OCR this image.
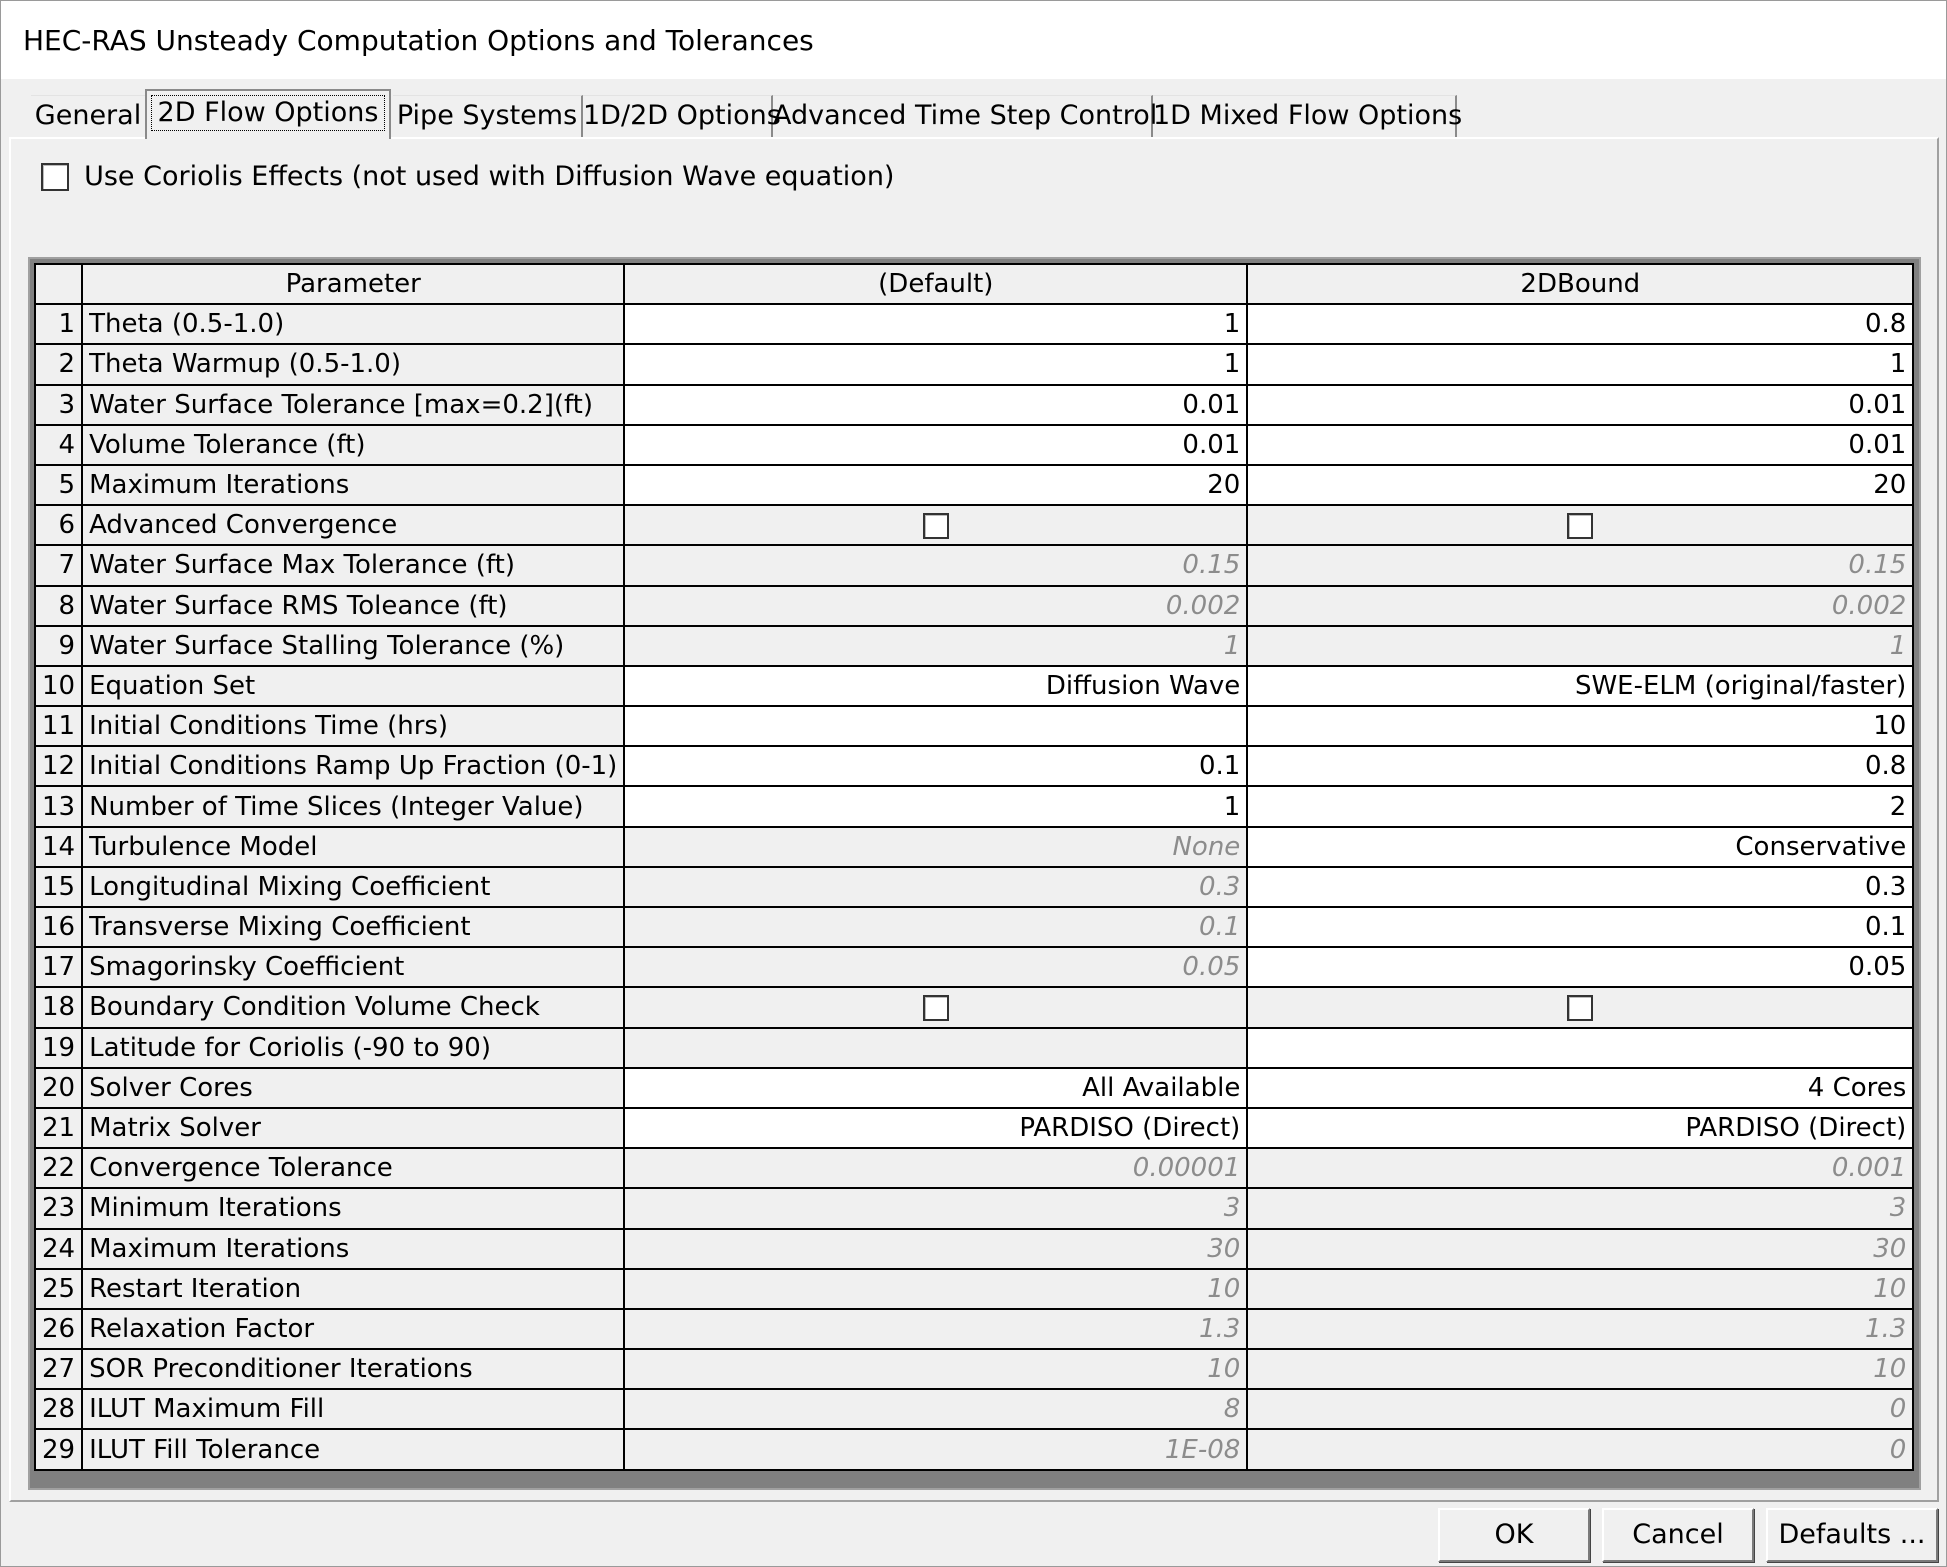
HEC-RAS Unsteady Computation Options and Tolerances
General 2D Flow Options Pipe Systems 1D/2D Options
Advanced Time Step Control
1D Mixed Flow Options
Use Coriolis Effects (not used with Diffusion Wave equation)
	Parameter	(Default)	2DBound
1	Theta (0.5-1.0)	1	0.8
2	Theta Warmup (0.5-1.0)	1	1
3	Water Surface Tolerance [max=0.2](ft)	0.01	0.01
4	Volume Tolerance (ft)	0.01	0.01
5	Maximum Iterations	20	20
6	Advanced Convergence		
7	Water Surface Max Tolerance (ft)	0.15	0.15
8	Water Surface RMS Toleance (ft)	0.002	0.002
9	Water Surface Stalling Tolerance (%)	1	1
10	Equation Set	Diffusion Wave	SWE-ELM (original/faster)
11	Initial Conditions Time (hrs)		10
12	Initial Conditions Ramp Up Fraction (0-1)	0.1	0.8
13	Number of Time Slices (Integer Value)	1	2
14	Turbulence Model	None	Conservative
15	Longitudinal Mixing Coefficient	0.3	0.3
16	Transverse Mixing Coefficient	0.1	0.1
17	Smagorinsky Coefficient	0.05	0.05
18	Boundary Condition Volume Check		
19	Latitude for Coriolis (-90 to 90)		
20	Solver Cores	All Available	4 Cores
21	Matrix Solver	PARDISO (Direct)	PARDISO (Direct)
22	Convergence Tolerance	0.00001	0.001
23	Minimum Iterations	3	3
24	Maximum Iterations	30	30
25	Restart Iteration	10	10
26	Relaxation Factor	1.3	1.3
27	SOR Preconditioner Iterations	10	10
28	ILUT Maximum Fill	8	0
29	ILUT Fill Tolerance	1E-08	0
OK	Cancel	Defaults ...
